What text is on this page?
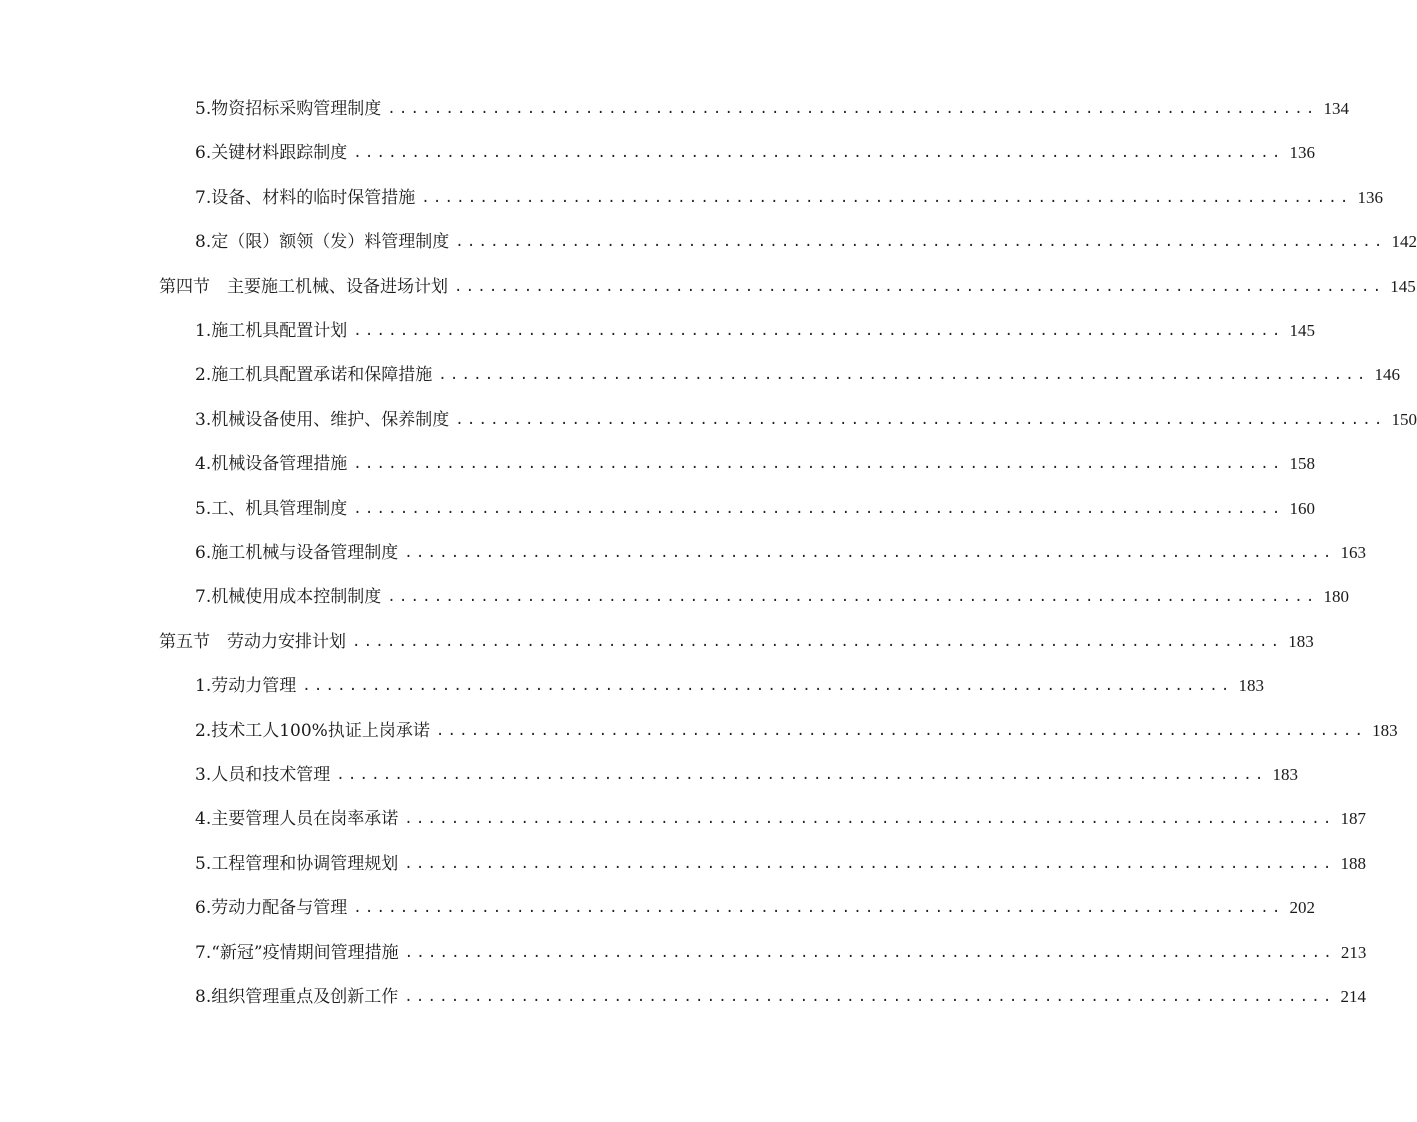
5.物资招标采购管理制度 ................................................................................ 134
6.关键材料跟踪制度 ................................................................................ 136
7.设备、材料的临时保管措施 ................................................................................ 136
8.定（限）额领（发）料管理制度 ................................................................................ 142
第四节　主要施工机械、设备进场计划 ................................................................................ 145
1.施工机具配置计划 ................................................................................ 145
2.施工机具配置承诺和保障措施 ................................................................................ 146
3.机械设备使用、维护、保养制度 ................................................................................ 150
4.机械设备管理措施 ................................................................................ 158
5.工、机具管理制度 ................................................................................ 160
6.施工机械与设备管理制度 ................................................................................ 163
7.机械使用成本控制制度 ................................................................................ 180
第五节　劳动力安排计划 ................................................................................ 183
1.劳动力管理 ................................................................................ 183
2.技术工人100%执证上岗承诺 ................................................................................ 183
3.人员和技术管理 ................................................................................ 183
4.主要管理人员在岗率承诺 ................................................................................ 187
5.工程管理和协调管理规划 ................................................................................ 188
6.劳动力配备与管理 ................................................................................ 202
7.“新冠”疫情期间管理措施 ................................................................................ 213
8.组织管理重点及创新工作 ................................................................................ 214
